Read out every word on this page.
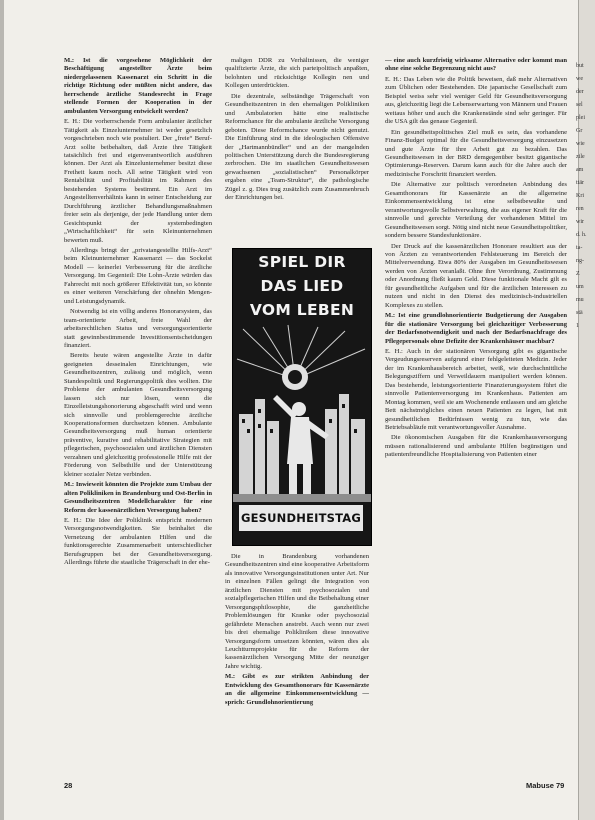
M.: Ist die vorgesehene Möglichkeit der Beschäftigung angestellter Ärzte beim niedergelassenen Kassenarzt ein Schritt in die richtige Richtung oder müßten nicht andere, das herrschende ärztliche Standesrecht in Frage stellende Formen der Kooperation in der ambulanten Versorgung entwickelt werden?

E. H.: Die vorherrschende Form ambulanter ärztlicher Tätigkeit als Einzelunternehmer ist weder gesetzlich vorgeschrieben noch wie postuliert. Der „freie“ Beruf-Arzt sollte beibehalten, daß Ärzte ihre Tätigkeit tatsächlich frei und eigenverantwortlich ausführen können. Der Arzt als Einzelunternehmer besitzt diese Freiheit kaum noch. All seine Tätigkeit wird von Rentabilität und Profitabilität im Rahmen des bestehenden Systems bestimmt. Ein Arzt im Angestelltenverhältnis kann in seiner Entscheidung zur Durchführung ärztlicher Behandlungsmaßnahmen freier sein als derjenige, der jede Handlung unter dem Gesichtspunkt der systembedingten „Wirtschaftlichkeit“ für sein Kleinunternehmen bewerten muß.

Allerdings bringt der „privatangestellte Hilfs-Arzt“ beim Kleinunternehmer Kassenarzt — das Sockelst Modell — keinerlei Verbesserung für die ärztliche Versorgung. Im Gegenteil: Die Lohn-Ärzte würden das Fahrrecht mit noch größerer Effektivität tun, so könnte es einer weiteren Verschärfung der ohnehin Mengen- und Leistungsdynamik.

Notwendig ist ein völlig anderes Honorarsystem, das team-orientierte Arbeit, freie Wahl der arbeitsrechtlichen Status und versorgungsorientierte statt gewinnbestimmende Investitionsentscheidungen finanziert.

Bereits heute wären angestellte Ärzte in dafür geeigneten desseinalen Einrichtungen, wie Gesundheitszentren, zulässig und möglich, wenn Standespolitik und Regierungspolitik dies wollten. Die Probleme der ambulanten Gesundheitsversorgung lassen sich nur lösen, wenn die Einzelleistungshonorierung abgeschafft wird und wenn sich sinnvolle und problemgerechte ärztliche Kooperationsformen durchsetzen können. Ambulante Gesundheitsversorgung muß human orientierte präventive, kurative und rehabilitative Strategien mit pflegerischen, psychosozialen und ärztlichen Diensten verzahnen und gleichzeitig professionelle Hilfe mit der Förderung von Selbsthilfe und der Unterstützung kleiner sozialer Netze verbinden.

M.: Inwieweit könnten die Projekte zum Umbau der alten Polikliniken in Brandenburg und Ost-Berlin in Gesundheitszentren Modellcharakter für eine Reform der kassenärztlichen Versorgung haben?

E. H.: Die Idee der Poliklinik entspricht modernen Versorgungsnotwendigkeiten. Sie beinhaltet die Vernetzung der ambulanten Hilfen und die funktionsgerechte Zusammenarbeit unterschiedlicher Berufsgruppen bei der Gesundheitsversorgung. Allerdings führte die staatliche Trägerschaft in der ehe-

maligen DDR zu Verhältnissen, die weniger qualifizierte Ärzte, die sich parteipolitisch anpaßten, belohnten und rücksichtige Kollegin nen und Kollegen unterdrückten.

Die dezentrale, selbständige Trägerschaft von Gesundheitszentren in den ehemaligen Polikliniken und Ambulatorien hätte eine realistische Reformchance für die ambulante ärztliche Versorgung geboten. Diese Reformchance wurde nicht genutzt. Die Einführung sind in die ideologischen Offensive der „Hartmannbündler“ und an der mangelnden politischen Unterstützung durch die Bundesregierung zerbrochen. Die im staatlichen Gesundheitswesen gewachsenen „sozialistischen“ Personalkörper ergaben eine „Team-Struktur“, die pathologische Zügel z. g. Dies trug zusätzlich zum Zusammenbruch der Einrichtungen bei.

SPIEL DIR
DAS LIED
VOM LEBEN
GESUNDHEITSTAG

Die in Brandenburg vorhandenen Gesundheitszentren sind eine kooperative Arbeitsform als innovative Versorgungsinstitutionen unter Art. Nur in einzelnen Fällen gelingt die Integration von ärztlichen Diensten mit psychosozialen und sozialpflegerischen Hilfen und die Beibehaltung einer Versorgungsphilosophie, die ganzheitliche Problemlösungen für Kranke oder psychosozial gefährdete Menschen anstrebt. Auch wenn nur zwei bis drei ehemalige Polikliniken diese innovative Versorgungsform umsetzen könnten, wären dies als Leuchtturmprojekte für die Reform der kassenärztlichen Versorgung Mitte der neunziger Jahre wichtig.

M.: Gibt es zur strikten Anbindung der Entwicklung des Gesamthonorars für Kassenärzte an die allgemeine Einkommensentwicklung — sprich: Grundlohnorientierung

— eine auch kurzfristig wirksame Alternative oder kommt man ohne eine solche Begrenzung nicht aus?

E. H.: Das Leben wie die Politik beweisen, daß mehr Alternativen zum Üblichen oder Bestehenden. Die japanische Gesellschaft zum Beispiel weiss sehr viel weniger Geld für Gesundheitsversorgung aus, gleichzeitig liegt die Lebenserwartung von Männern und Frauen weitaus höher und auch die Krankenstände sind sehr geringer. Für die USA gilt das genaue Gegenteil.

Ein gesundheitspolitisches Ziel muß es sein, das vorhandene Finanz-Budget optimal für die Gesundheitsversorgung einzusetzen und gute Ärzte für ihre Arbeit gut zu bezahlen. Das Gesundheitswesen in der BRD demgegenüber besitzt gigantische Optimierungs-Reserven. Darum kann auch für die Jahre auch der medizinische Forschritt finanziert werden.

Die Alternative zur politisch verordneten Anbindung des Gesamthonorars für Kassenärzte an die allgemeine Einkommensentwicklung ist eine selbstbewußte und verantwortungsvolle Selbstverwaltung, die aus eigener Kraft für die sinnvolle und gerechte Verteilung der vorhandenen Mittel im Gesundheitswesen sorgt. Nötig sind nicht neue Gesundheitspolitiker, sondern bessere Standesfunktionäre.

Der Druck auf die kassenärztlichen Honorare resultiert aus der von Ärzten zu verantwortenden Fehlsteuerung im Bereich der Mittelverwendung. Etwa 80% der Ausgaben im Gesundheitswesen werden von Ärzten veranlaßt. Ohne ihre Verordnung, Zustimmung oder Anordnung fließt kaum Geld. Diese funktionale Macht gilt es für gesundheitliche Aufgaben und für die ärztlichen Interessen zu nutzen und nicht in den Dienst des medizinisch-industriellen Komplexes zu stellen.

M.: Ist eine grundlohnorientierte Budgetierung der Ausgaben für die stationäre Versorgung bei gleichzeitiger Verbesserung der Bedarfsnotwendigkeit und nach der Bedarfsnachfrage des Pflegepersonals ohne Defizite der Krankenhäuser machbar?

E. H.: Auch in der stationären Versorgung gibt es gigantische Vergeudungsreserven aufgrund einer fehlgeleiteten Medizin. Jeder der im Krankenhausbereich arbeitet, weiß, wie durchschnittliche Belegungsziffern und Verweildauern manipuliert werden können. Das bestehende, leistungsorientierte Finanzierungssystem führt die sinnvolle Patientenversorgung im Krankenhaus. Patienten am Montag kommen, weil sie am Wochenende entlassen und am gleiche Bett nächstmögliches einen neuen Patienten zu legen, hat mit gesundheitlichen Bedürfnissen wenig zu tun, wie das Betriebsabläufe mit verantwortungsvoller Ausnahme.

Die ökonomischen Ausgaben für die Krankenhausversorgung müssen rationalisierend und ambulante Hilfen begünstigen und patientenfreundliche Hospitalisierung von Patienten einer

28	Mabuse 79
but
we
der
sel
plei
Gr
wie
zile
am
ttär
Kri
ren
wir
d. h.
ta-
ng-
Z
um
mu
stä
1
